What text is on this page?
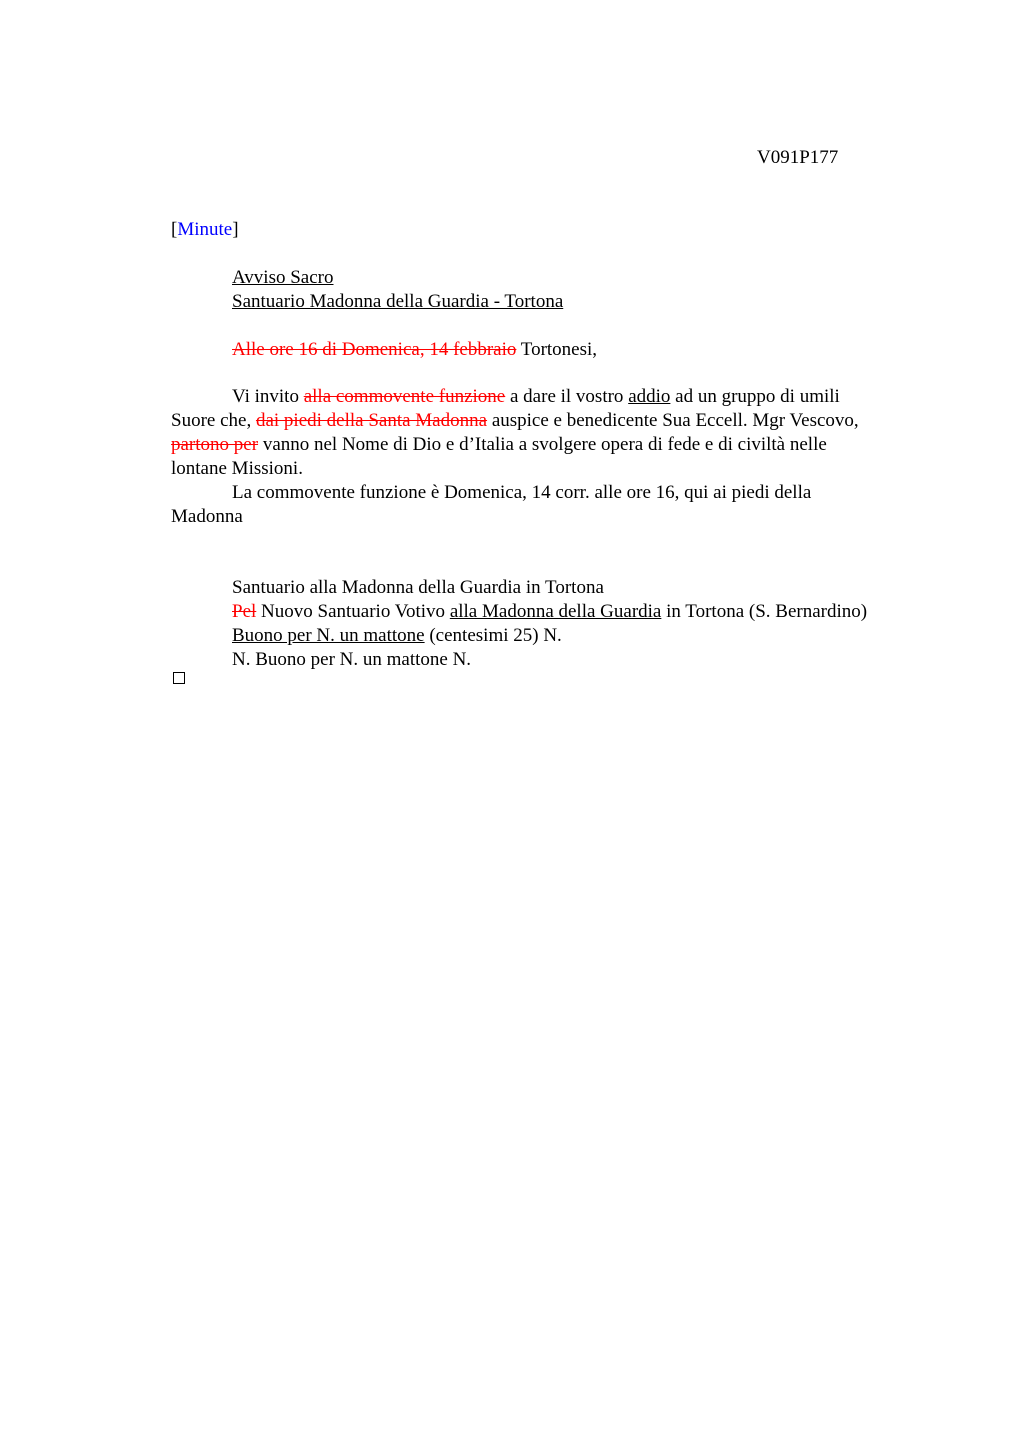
V091P177
[Minute]
Avviso Sacro
Santuario Madonna della Guardia - Tortona
Alle ore 16 di Domenica, 14 febbraio Tortonesi,
Vi invito alla commovente funzione a dare il vostro addio ad un gruppo di umili
Suore che, dai piedi della Santa Madonna auspice e benedicente Sua Eccell. Mgr Vescovo,
partono per vanno nel Nome di Dio e d’Italia a svolgere opera di fede e di civiltà nelle
lontane Missioni.
La commovente funzione è Domenica, 14 corr. alle ore 16, qui ai piedi della
Madonna
Santuario alla Madonna della Guardia in Tortona
Pel Nuovo Santuario Votivo alla Madonna della Guardia in Tortona (S. Bernardino)
Buono per N. un mattone (centesimi 25) N.
N. Buono per N. un mattone N.
